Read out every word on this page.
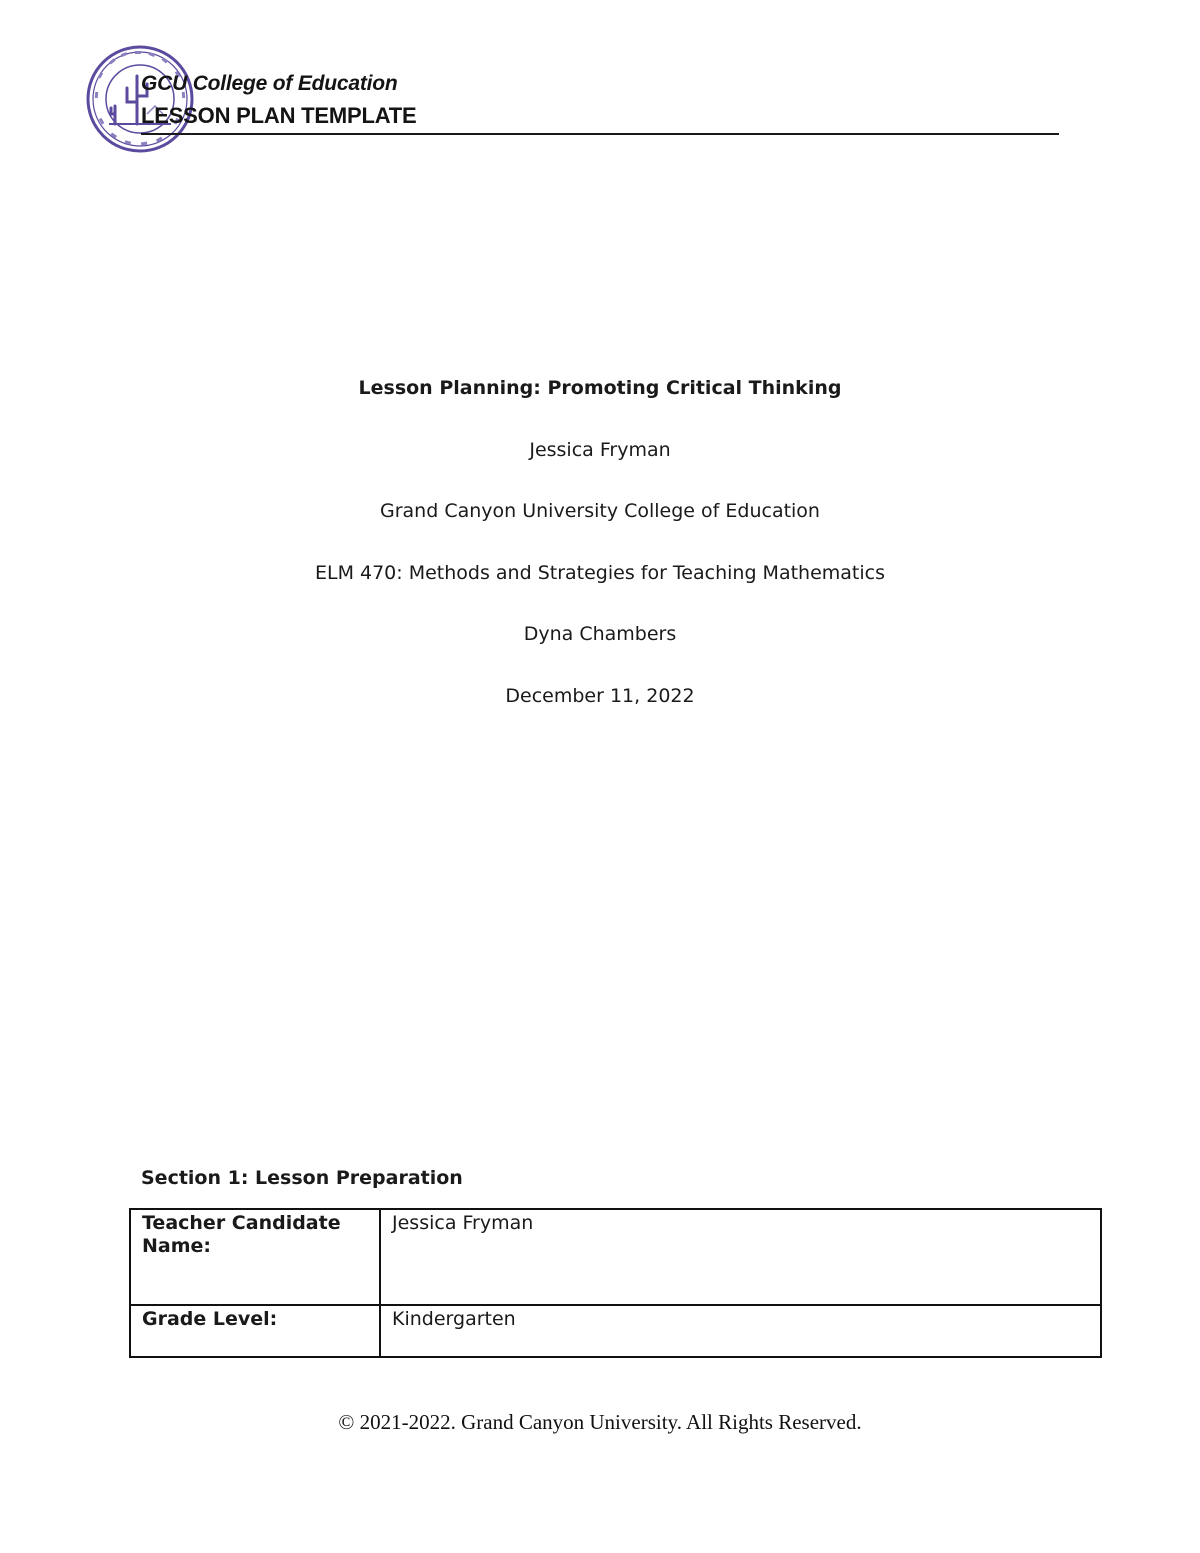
GCU College of Education
LESSON PLAN TEMPLATE
Lesson Planning: Promoting Critical Thinking
Jessica Fryman
Grand Canyon University College of Education
ELM 470: Methods and Strategies for Teaching Mathematics
Dyna Chambers
December 11, 2022
Section 1: Lesson Preparation
Teacher Candidate Name:	Jessica Fryman
Grade Level:	Kindergarten
© 2021-2022. Grand Canyon University. All Rights Reserved.
